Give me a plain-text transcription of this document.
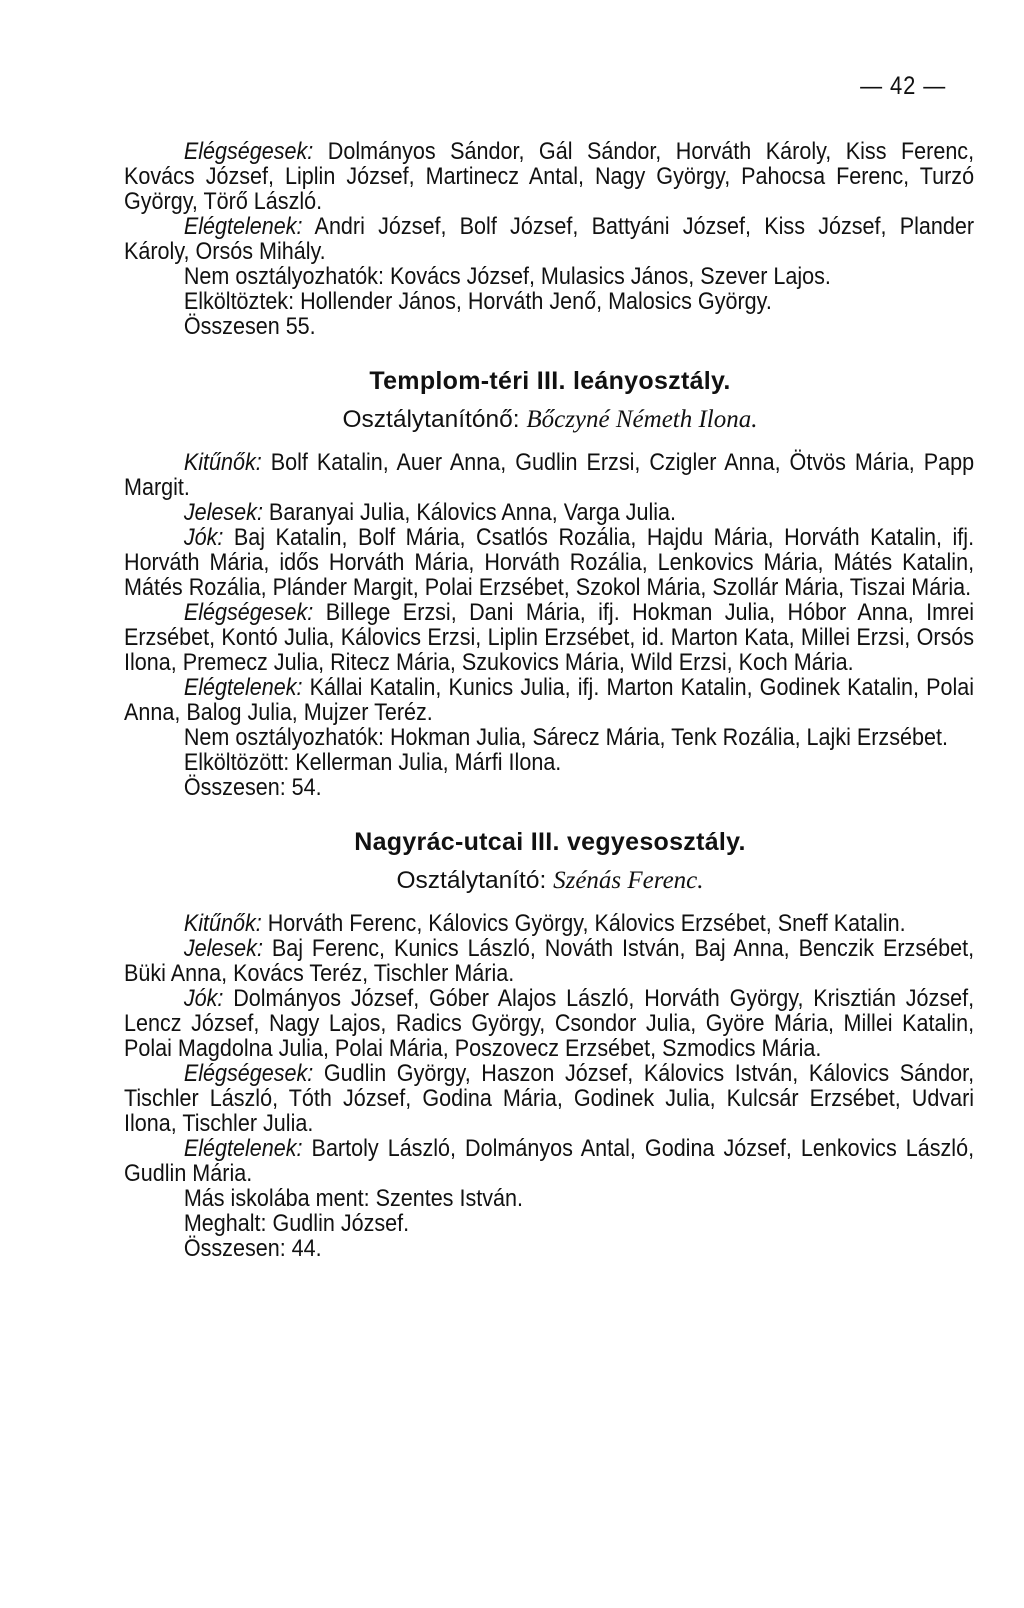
— 42 —

Elégségesek: Dolmányos Sándor, Gál Sándor, Horváth Károly, Kiss Ferenc, Kovács József, Liplin József, Martinecz Antal, Nagy György, Pahocsa Ferenc, Turzó György, Törő László.

Elégtelenek: Andri József, Bolf József, Battyáni József, Kiss József, Plander Károly, Orsós Mihály.

Nem osztályozhatók: Kovács József, Mulasics János, Szever Lajos.

Elköltöztek: Hollender János, Horváth Jenő, Malosics György.

Összesen 55.

Templom-téri III. leányosztály.
Osztálytanítónő: Bőczyné Németh Ilona.

Kitűnők: Bolf Katalin, Auer Anna, Gudlin Erzsi, Czigler Anna, Ötvös Mária, Papp Margit.

Jelesek: Baranyai Julia, Kálovics Anna, Varga Julia.

Jók: Baj Katalin, Bolf Mária, Csatlós Rozália, Hajdu Mária, Horváth Katalin, ifj. Horváth Mária, idős Horváth Mária, Horváth Rozália, Lenkovics Mária, Mátés Katalin, Mátés Rozália, Plánder Margit, Polai Erzsébet, Szokol Mária, Szollár Mária, Tiszai Mária.

Elégségesek: Billege Erzsi, Dani Mária, ifj. Hokman Julia, Hóbor Anna, Imrei Erzsébet, Kontó Julia, Kálovics Erzsi, Liplin Erzsébet, id. Marton Kata, Millei Erzsi, Orsós Ilona, Premecz Julia, Ritecz Mária, Szukovics Mária, Wild Erzsi, Koch Mária.

Elégtelenek: Kállai Katalin, Kunics Julia, ifj. Marton Katalin, Godinek Katalin, Polai Anna, Balog Julia, Mujzer Teréz.

Nem osztályozhatók: Hokman Julia, Sárecz Mária, Tenk Rozália, Lajki Erzsébet.

Elköltözött: Kellerman Julia, Márfi Ilona.

Összesen: 54.

Nagyrác-utcai III. vegyesosztály.
Osztálytanító: Szénás Ferenc.

Kitűnők: Horváth Ferenc, Kálovics György, Kálovics Erzsébet, Sneff Katalin.

Jelesek: Baj Ferenc, Kunics László, Nováth István, Baj Anna, Benczik Erzsébet, Büki Anna, Kovács Teréz, Tischler Mária.

Jók: Dolmányos József, Góber Alajos László, Horváth György, Krisztián József, Lencz József, Nagy Lajos, Radics György, Csondor Julia, Györe Mária, Millei Katalin, Polai Magdolna Julia, Polai Mária, Poszovecz Erzsébet, Szmodics Mária.

Elégségesek: Gudlin György, Haszon József, Kálovics István, Kálovics Sándor, Tischler László, Tóth József, Godina Mária, Godinek Julia, Kulcsár Erzsébet, Udvari Ilona, Tischler Julia.

Elégtelenek: Bartoly László, Dolmányos Antal, Godina József, Lenkovics László, Gudlin Mária.

Más iskolába ment: Szentes István.

Meghalt: Gudlin József.

Összesen: 44.
